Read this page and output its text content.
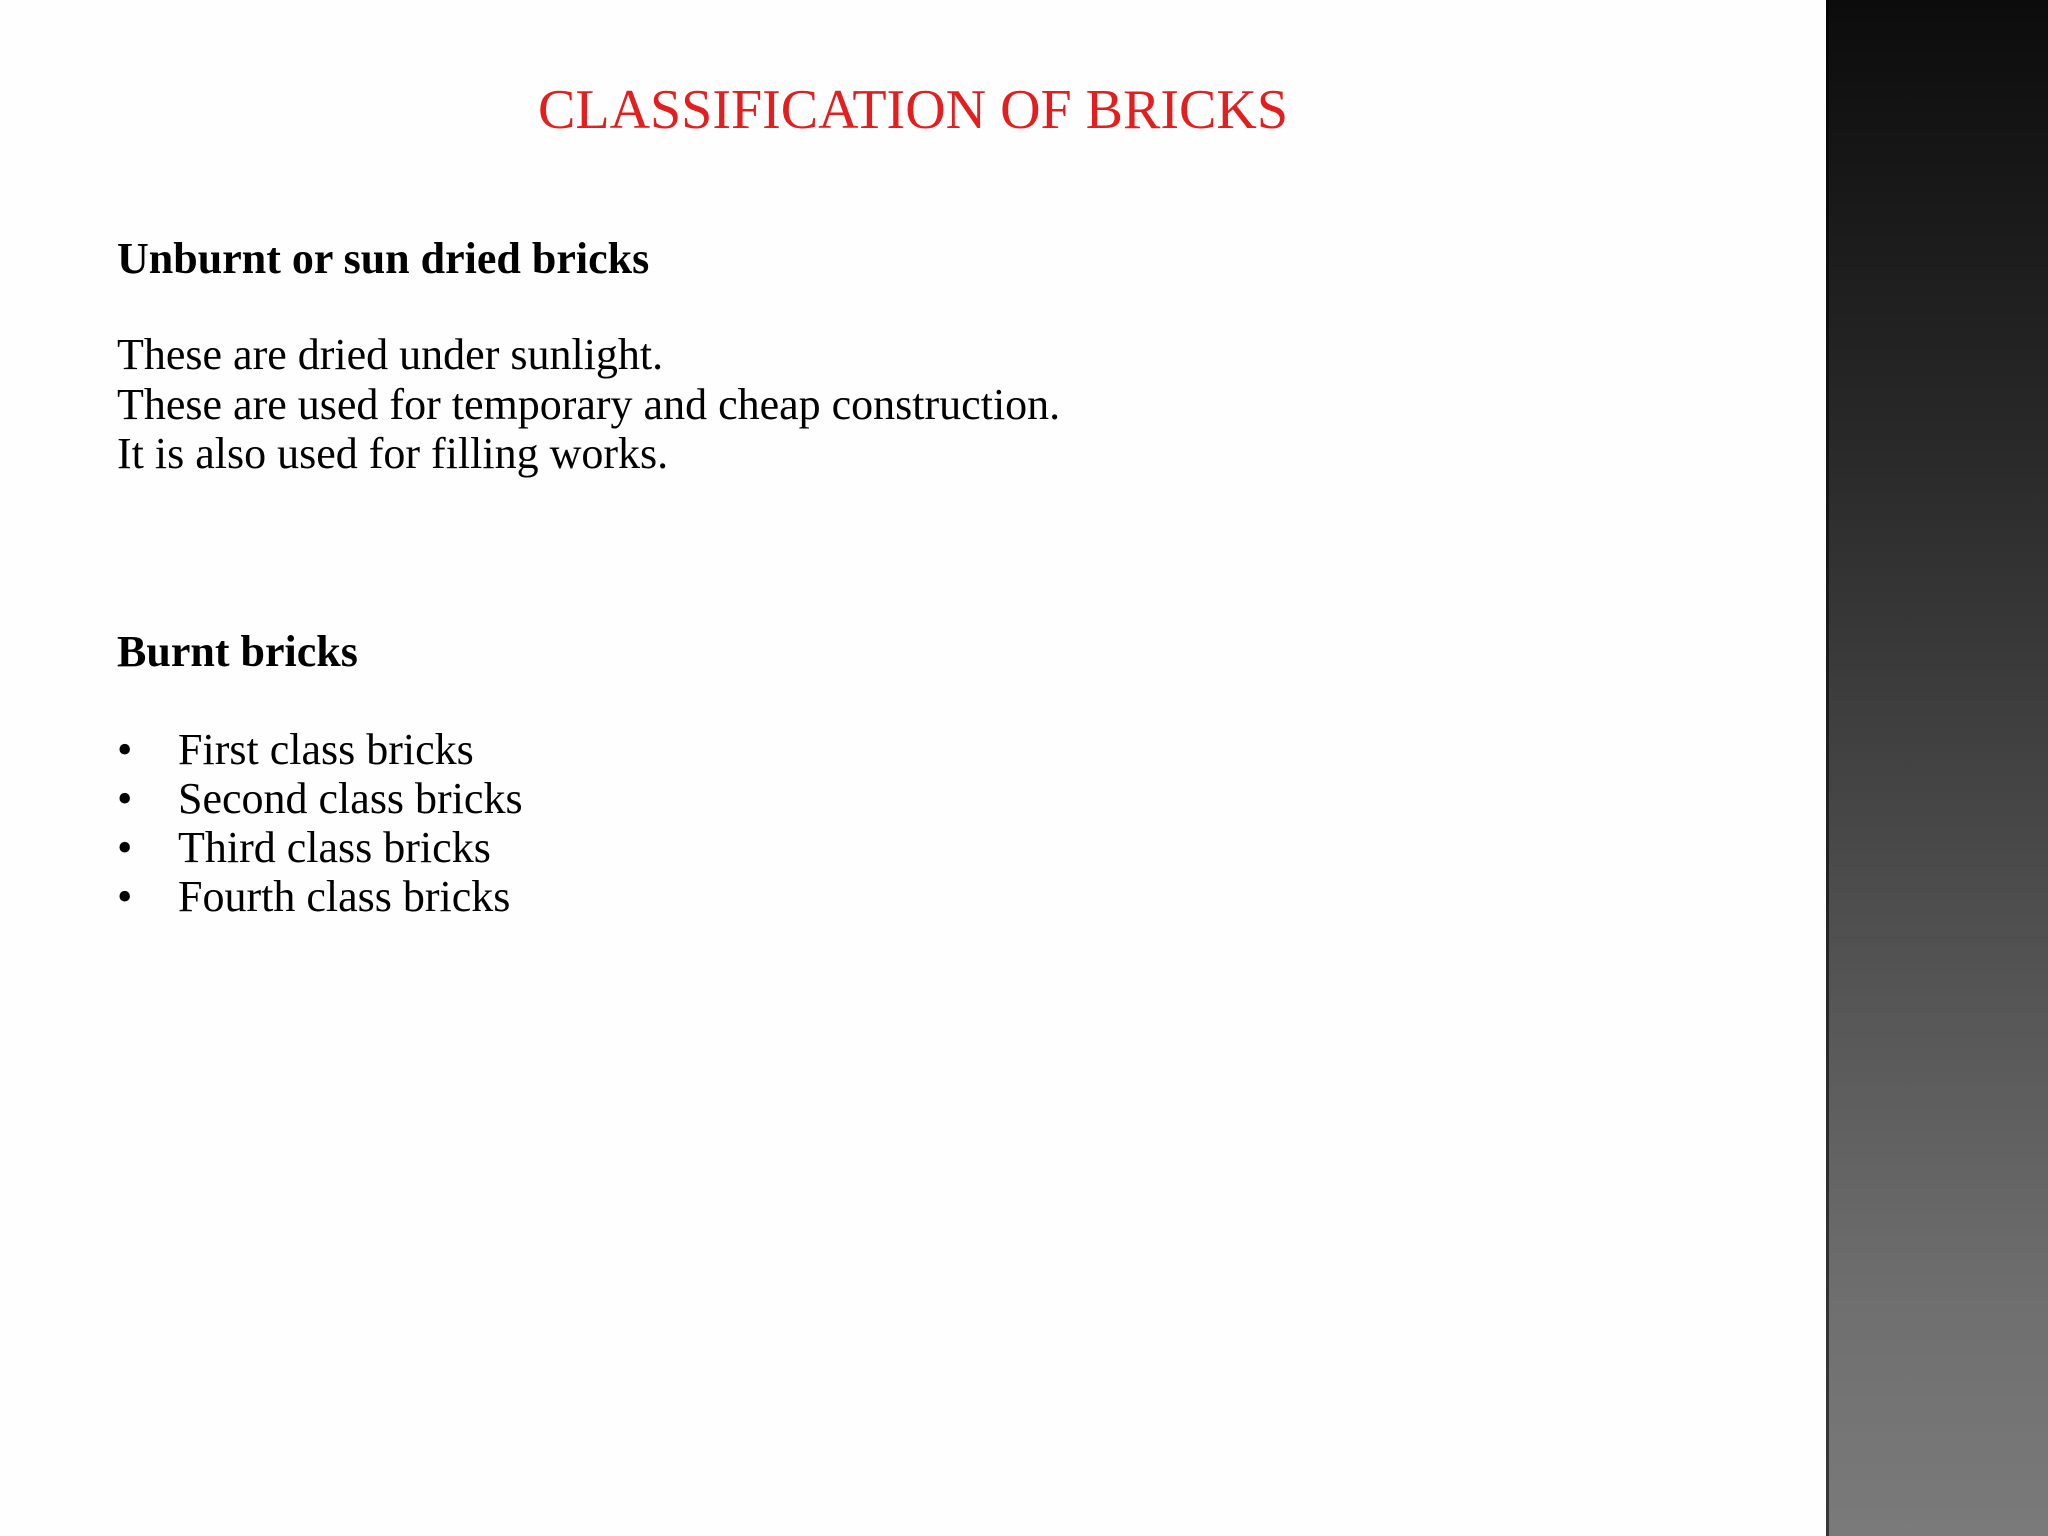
CLASSIFICATION OF BRICKS
Unburnt or sun dried bricks
These are dried under sunlight.
These are used for temporary and cheap construction.
It is also used for filling works.
Burnt bricks
•	First class bricks
•	Second class bricks
•	Third class bricks
•	Fourth class bricks
